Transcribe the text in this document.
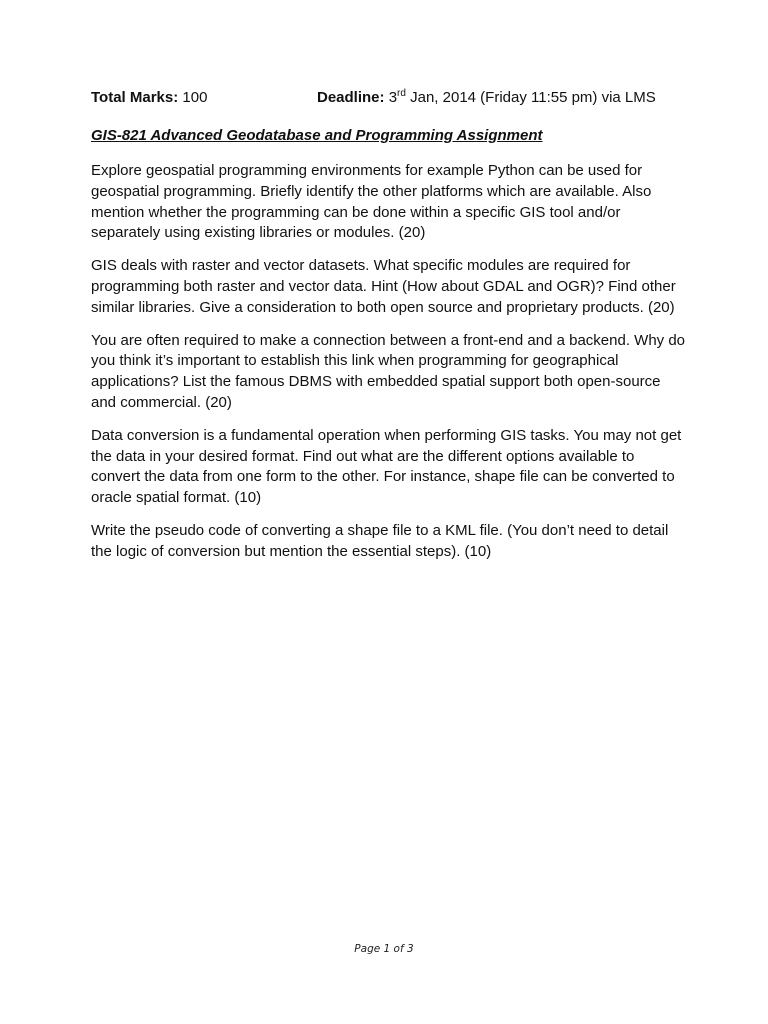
Total Marks: 100	Deadline: 3rd Jan, 2014 (Friday 11:55 pm) via LMS
GIS-821 Advanced Geodatabase and Programming Assignment

Explore geospatial programming environments for example Python can be used for geospatial programming. Briefly identify the other platforms which are available. Also mention whether the programming can be done within a specific GIS tool and/or separately using existing libraries or modules. (20)

GIS deals with raster and vector datasets. What specific modules are required for programming both raster and vector data. Hint (How about GDAL and OGR)? Find other similar libraries. Give a consideration to both open source and proprietary products. (20)

You are often required to make a connection between a front-end and a backend. Why do you think it’s important to establish this link when programming for geographical applications? List the famous DBMS with embedded spatial support both open-source and commercial. (20)

Data conversion is a fundamental operation when performing GIS tasks. You may not get the data in your desired format. Find out what are the different options available to convert the data from one form to the other. For instance, shape file can be converted to oracle spatial format. (10)

Write the pseudo code of converting a shape file to a KML file. (You don’t need to detail the logic of conversion but mention the essential steps). (10)

Page 1 of 3
